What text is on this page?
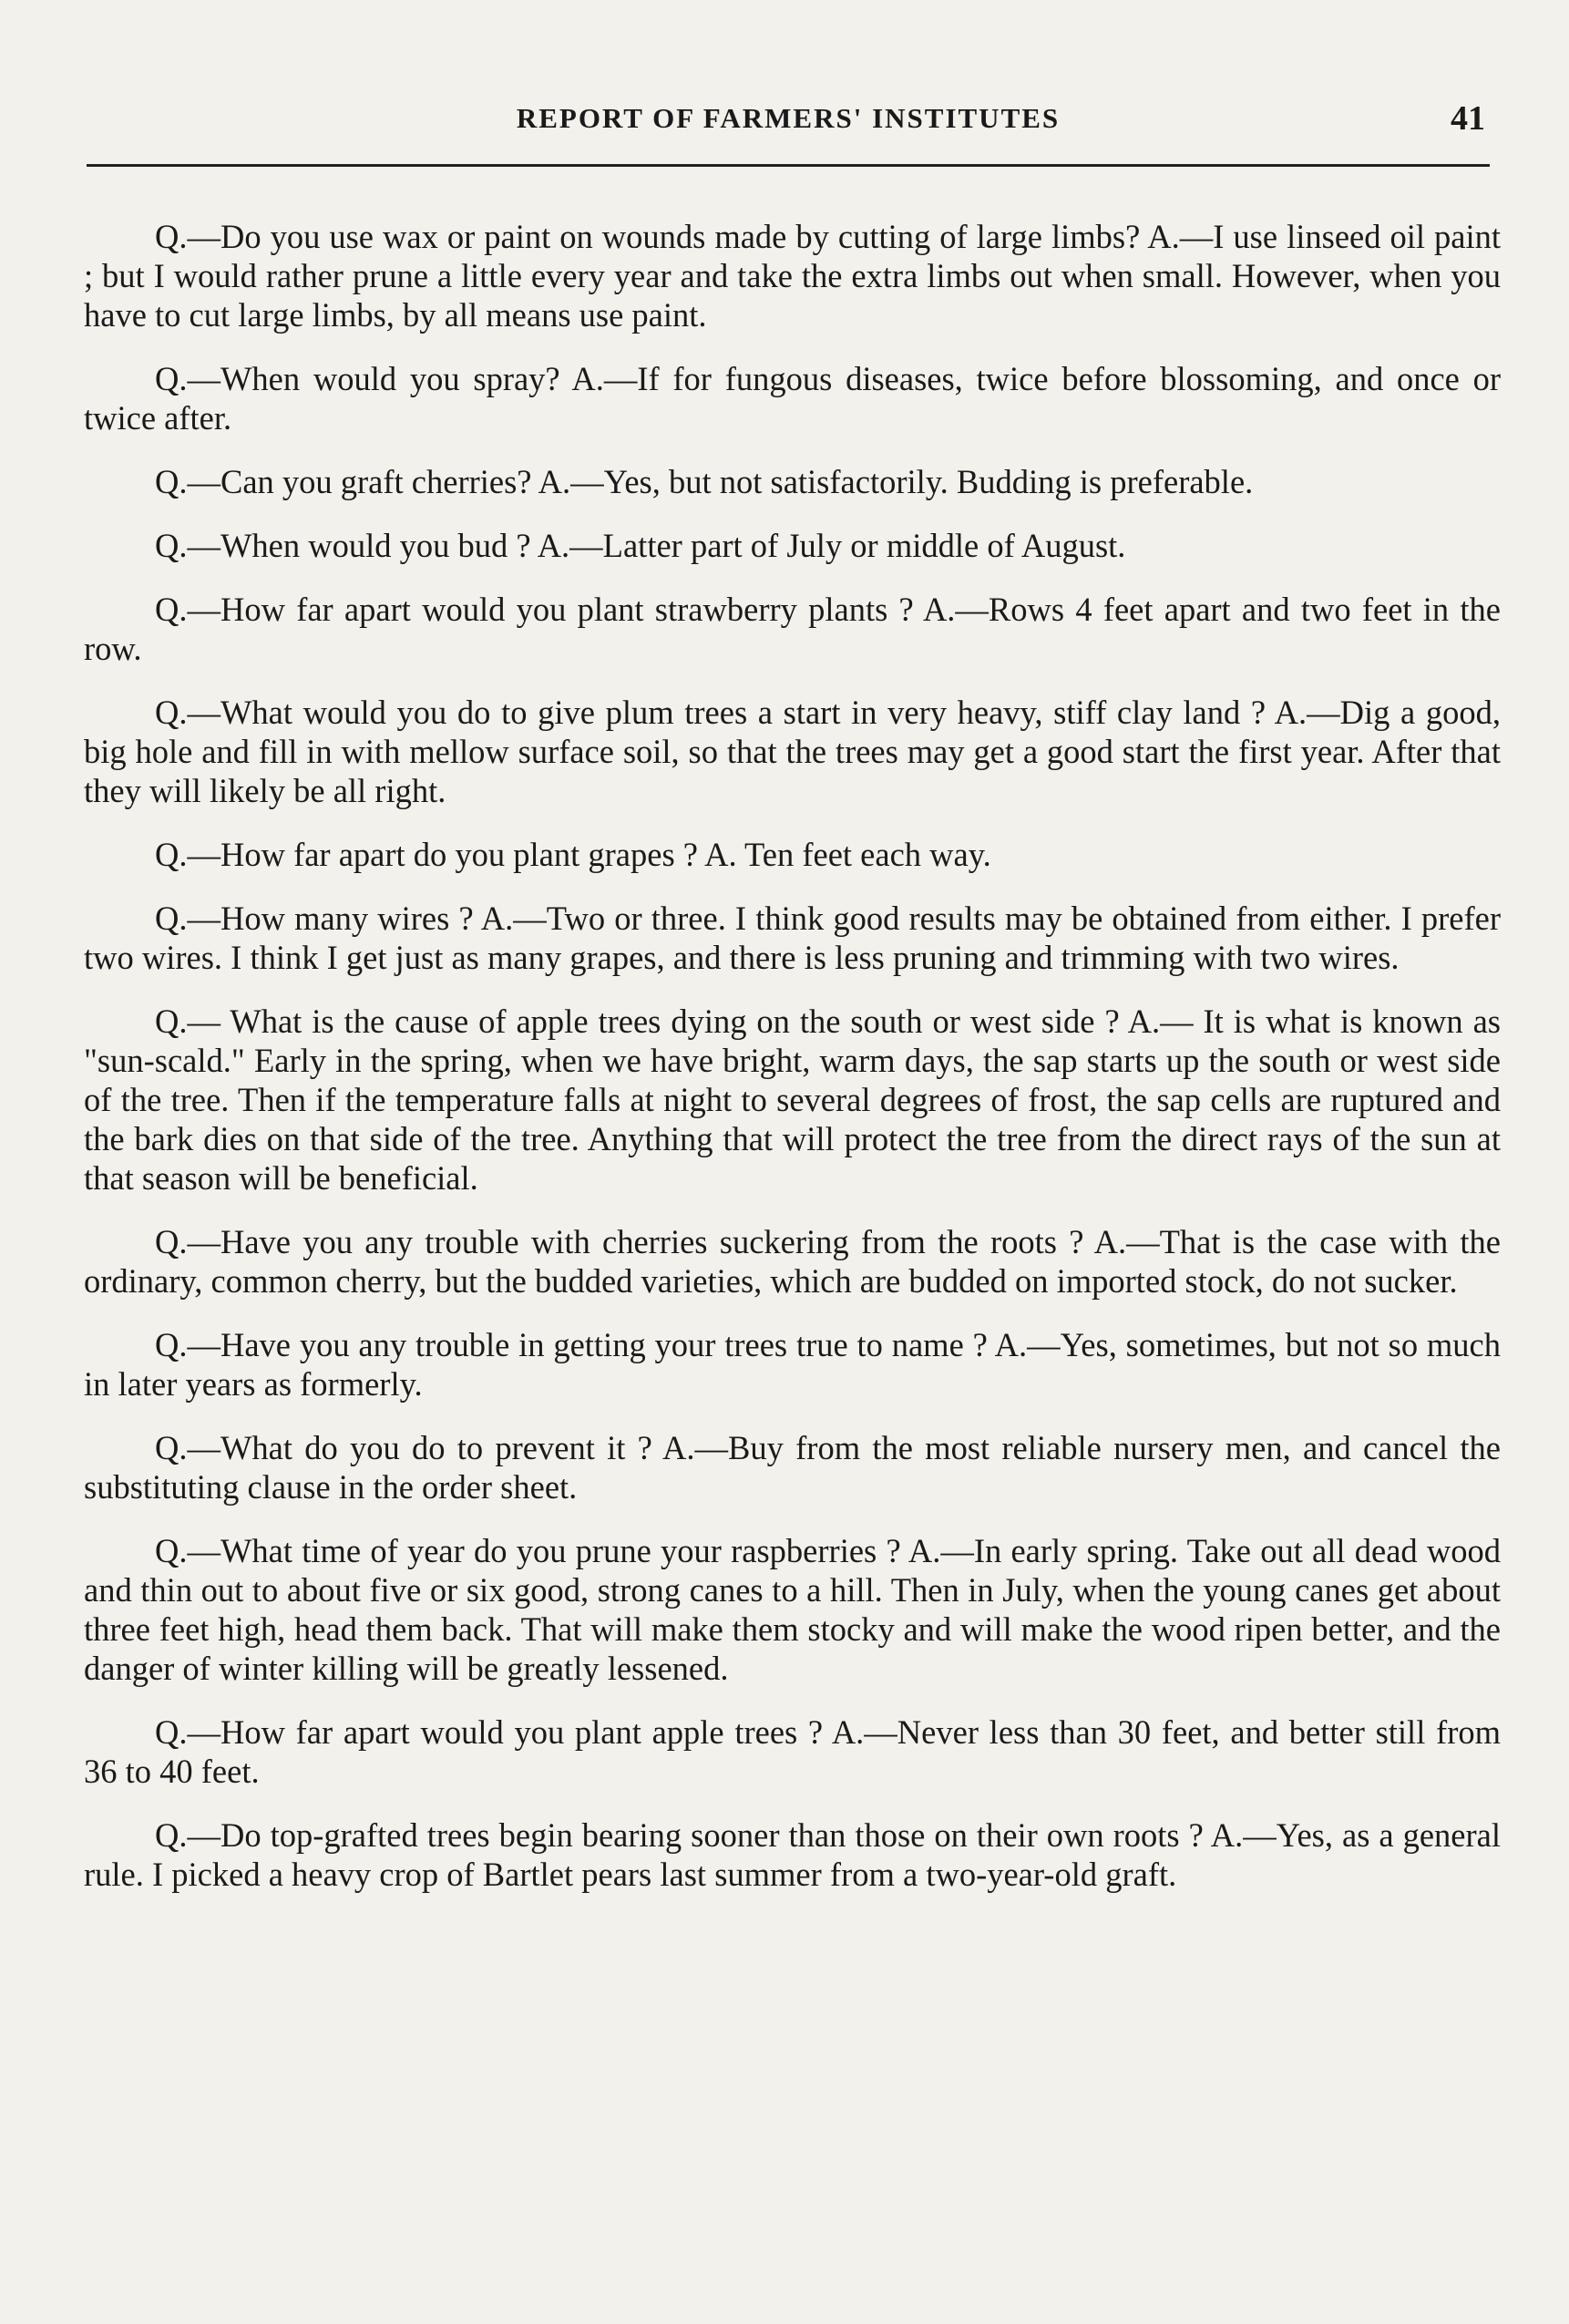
REPORT OF FARMERS' INSTITUTES	41

Q.—Do you use wax or paint on wounds made by cutting of large limbs? A.—I use linseed oil paint ; but I would rather prune a little every year and take the extra limbs out when small. However, when you have to cut large limbs, by all means use paint.

Q.—When would you spray? A.—If for fungous diseases, twice before blossoming, and once or twice after.

Q.—Can you graft cherries? A.—Yes, but not satisfactorily. Budding is preferable.

Q.—When would you bud ? A.—Latter part of July or middle of August.

Q.—How far apart would you plant strawberry plants ? A.—Rows 4 feet apart and two feet in the row.

Q.—What would you do to give plum trees a start in very heavy, stiff clay land ? A.—Dig a good, big hole and fill in with mellow surface soil, so that the trees may get a good start the first year. After that they will likely be all right.

Q.—How far apart do you plant grapes ? A. Ten feet each way.

Q.—How many wires ? A.—Two or three. I think good results may be obtained from either. I prefer two wires. I think I get just as many grapes, and there is less pruning and trimming with two wires.

Q.— What is the cause of apple trees dying on the south or west side ? A.— It is what is known as "sun-scald." Early in the spring, when we have bright, warm days, the sap starts up the south or west side of the tree. Then if the temperature falls at night to several degrees of frost, the sap cells are ruptured and the bark dies on that side of the tree. Anything that will protect the tree from the direct rays of the sun at that season will be beneficial.

Q.—Have you any trouble with cherries suckering from the roots ? A.—That is the case with the ordinary, common cherry, but the budded varieties, which are budded on imported stock, do not sucker.

Q.—Have you any trouble in getting your trees true to name ? A.—Yes, sometimes, but not so much in later years as formerly.

Q.—What do you do to prevent it ? A.—Buy from the most reliable nursery men, and cancel the substituting clause in the order sheet.

Q.—What time of year do you prune your raspberries ? A.—In early spring. Take out all dead wood and thin out to about five or six good, strong canes to a hill. Then in July, when the young canes get about three feet high, head them back. That will make them stocky and will make the wood ripen better, and the danger of winter killing will be greatly lessened.

Q.—How far apart would you plant apple trees ? A.—Never less than 30 feet, and better still from 36 to 40 feet.

Q.—Do top-grafted trees begin bearing sooner than those on their own roots ? A.—Yes, as a general rule. I picked a heavy crop of Bartlet pears last summer from a two-year-old graft.
